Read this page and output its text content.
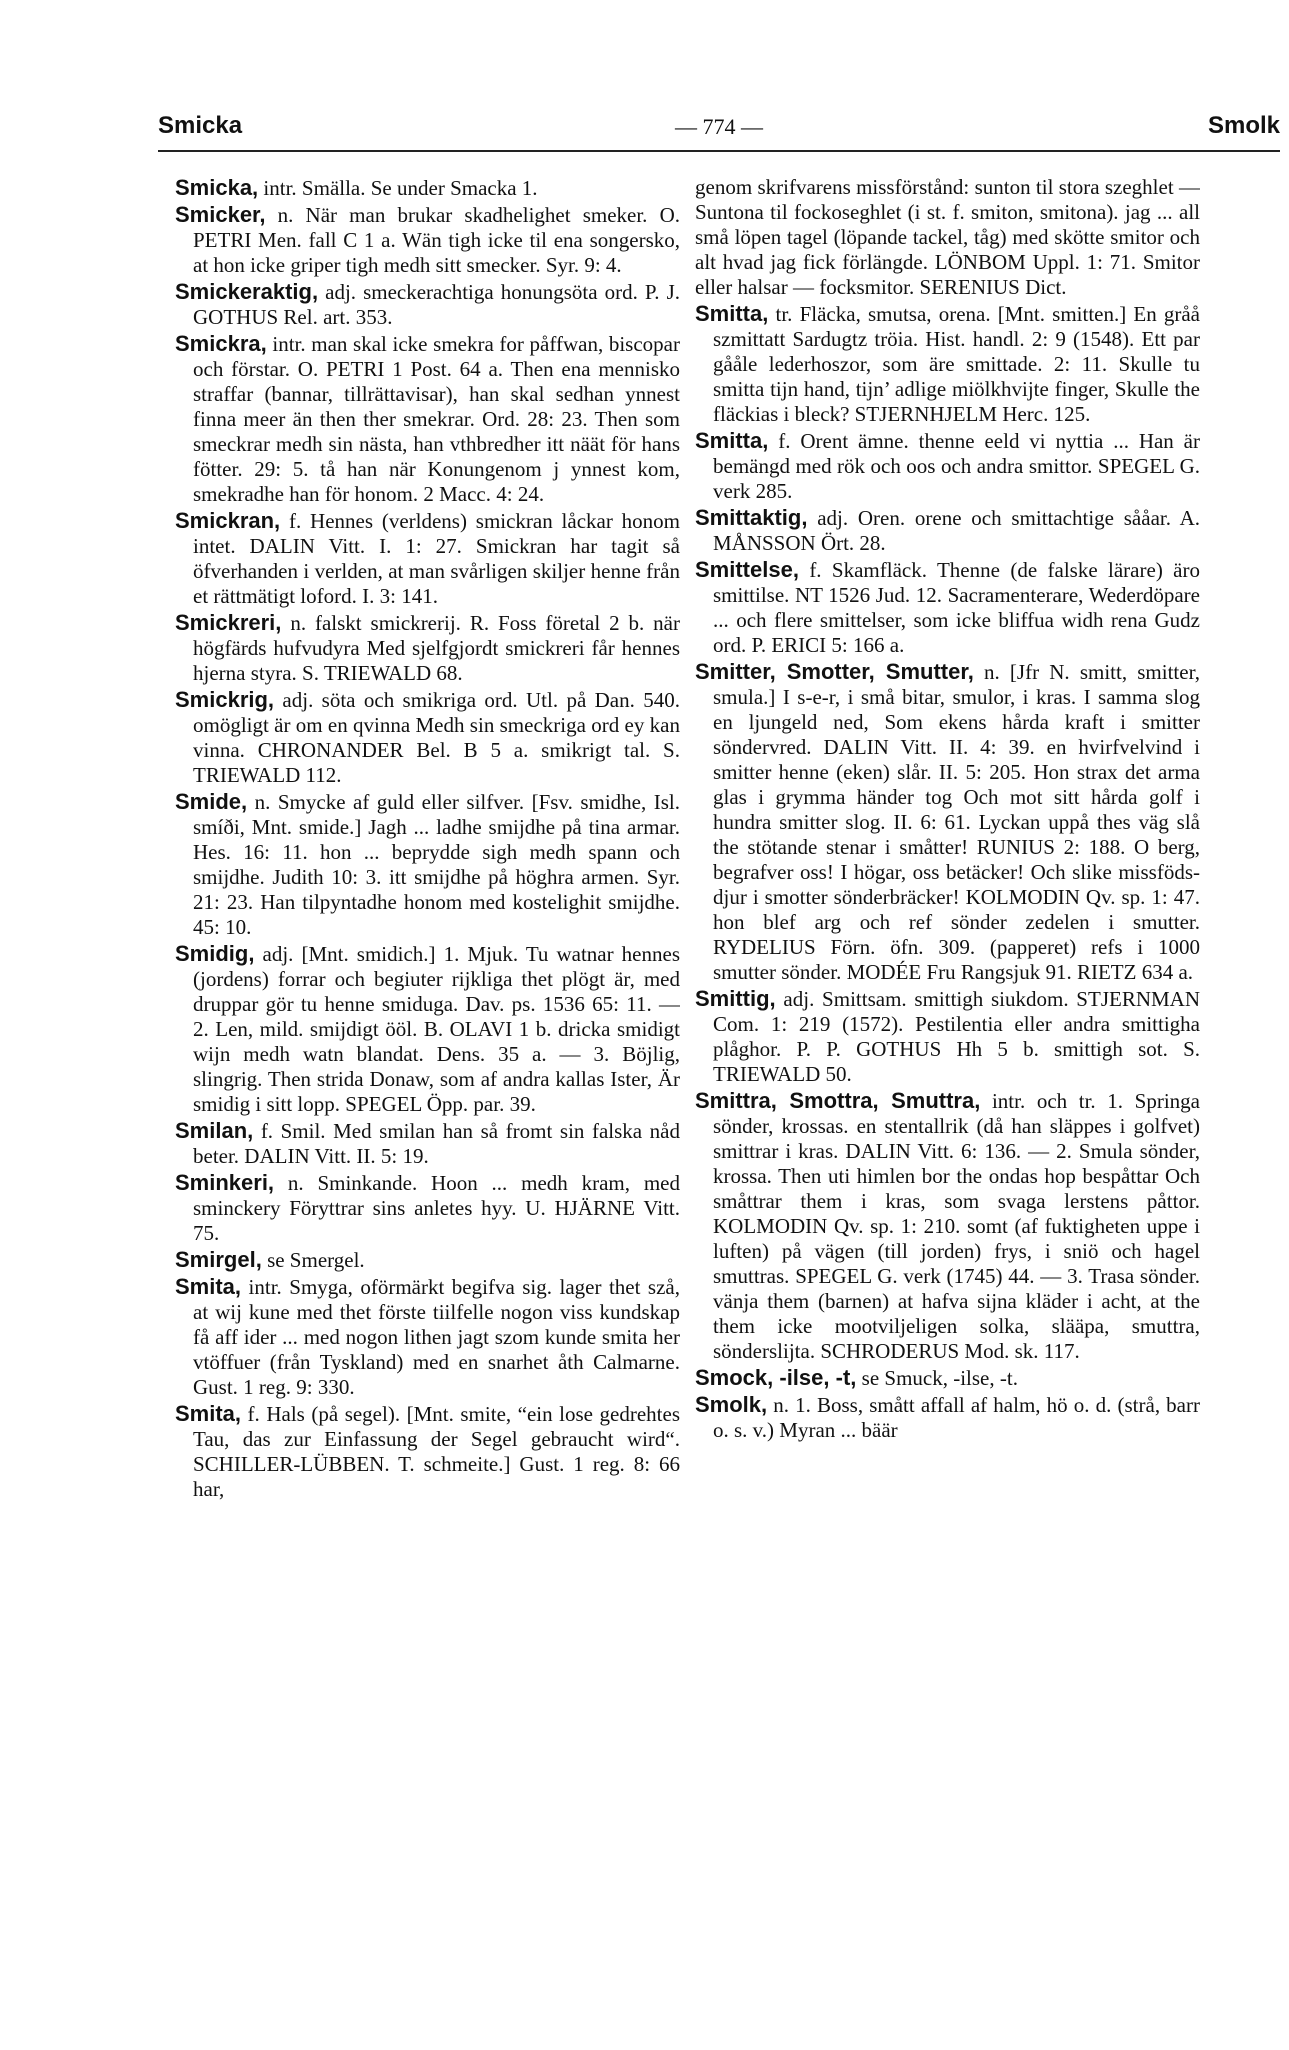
Smicka	— 774 —	Smolk

Smicka, intr. Smälla. Se under Smacka 1.

Smicker, n. När man brukar skadhelighet smeker. O. PETRI Men. fall C 1 a. Wän tigh icke til ena songersko, at hon icke griper tigh medh sitt smecker. Syr. 9: 4.

Smickeraktig, adj. smeckerachtiga honungsöta ord. P. J. GOTHUS Rel. art. 353.

Smickra, intr. man skal icke smekra for påffwan, biscopar och förstar. O. PETRI 1 Post. 64 a. Then ena mennisko straffar (bannar, tillrättavisar), han skal sedhan ynnest finna meer än then ther smekrar. Ord. 28: 23. Then som smeckrar medh sin nästa, han vthbredher itt näät för hans fötter. 29: 5. tå han när Konungenom j ynnest kom, smekradhe han för honom. 2 Macc. 4: 24.

Smickran, f. Hennes (verldens) smickran låckar honom intet. DALIN Vitt. I. 1: 27. Smickran har tagit så öfverhanden i verlden, at man svårligen skiljer henne från et rättmätigt loford. I. 3: 141.

Smickreri, n. falskt smickrerij. R. Foss företal 2 b. när högfärds hufvudyra Med sjelfgjordt smickreri får hennes hjerna styra. S. TRIEWALD 68.

Smickrig, adj. söta och smikriga ord. Utl. på Dan. 540. omögligt är om en qvinna Medh sin smeckriga ord ey kan vinna. CHRONANDER Bel. B 5 a. smikrigt tal. S. TRIEWALD 112.

Smide, n. Smycke af guld eller silfver. [Fsv. smidhe, Isl. smíði, Mnt. smide.] Jagh ... ladhe smijdhe på tina armar. Hes. 16: 11. hon ... beprydde sigh medh spann och smijdhe. Judith 10: 3. itt smijdhe på höghra armen. Syr. 21: 23. Han tilpyntadhe honom med kostelighit smijdhe. 45: 10.

Smidig, adj. [Mnt. smidich.] 1. Mjuk. Tu watnar hennes (jordens) forrar och begiuter rijkliga thet plögt är, med druppar gör tu henne smiduga. Dav. ps. 1536 65: 11. — 2. Len, mild. smijdigt ööl. B. OLAVI 1 b. dricka smidigt wijn medh watn blandat. Dens. 35 a. — 3. Böjlig, slingrig. Then strida Donaw, som af andra kallas Ister, Är smidig i sitt lopp. SPEGEL Öpp. par. 39.

Smilan, f. Smil. Med smilan han så fromt sin falska nåd beter. DALIN Vitt. II. 5: 19.

Sminkeri, n. Sminkande. Hoon ... medh kram, med sminckery Föryttrar sins anletes hyy. U. HJÄRNE Vitt. 75.

Smirgel, se Smergel.

Smita, intr. Smyga, oförmärkt begifva sig. lager thet szå, at wij kune med thet förste tiilfelle nogon viss kundskap få aff ider ... med nogon lithen jagt szom kunde smita her vtöffuer (från Tyskland) med en snarhet åth Calmarne. Gust. 1 reg. 9: 330.

Smita, f. Hals (på segel). [Mnt. smite, “ein lose gedrehtes Tau, das zur Einfassung der Segel gebraucht wird“. SCHILLER-LÜBBEN. T. schmeite.] Gust. 1 reg. 8: 66 har,

genom skrifvarens missförstånd: sunton til stora szeghlet — Suntona til fockoseghlet (i st. f. smiton, smitona). jag ... all små löpen tagel (löpande tackel, tåg) med skötte smitor och alt hvad jag fick förlängde. LÖNBOM Uppl. 1: 71. Smitor eller halsar — focksmitor. SERENIUS Dict.

Smitta, tr. Fläcka, smutsa, orena. [Mnt. smitten.] En gråå szmittatt Sardugtz tröia. Hist. handl. 2: 9 (1548). Ett par gååle lederhoszor, som äre smittade. 2: 11. Skulle tu smitta tijn hand, tijn’ adlige miölkhvijte finger, Skulle the fläckias i bleck? STJERNHJELM Herc. 125.

Smitta, f. Orent ämne. thenne eeld vi nyttia ... Han är bemängd med rök och oos och andra smittor. SPEGEL G. verk 285.

Smittaktig, adj. Oren. orene och smittachtige sååar. A. MÅNSSON Ört. 28.

Smittelse, f. Skamfläck. Thenne (de falske lärare) äro smittilse. NT 1526 Jud. 12. Sacramenterare, Wederdöpare ... och flere smittelser, som icke bliffua widh rena Gudz ord. P. ERICI 5: 166 a.

Smitter, Smotter, Smutter, n. [Jfr N. smitt, smitter, smula.] I s-e-r, i små bitar, smulor, i kras. I samma slog en ljungeld ned, Som ekens hårda kraft i smitter söndervred. DALIN Vitt. II. 4: 39. en hvirfvelvind i smitter henne (eken) slår. II. 5: 205. Hon strax det arma glas i grymma händer tog Och mot sitt hårda golf i hundra smitter slog. II. 6: 61. Lyckan uppå thes väg slå the stötande stenar i småtter! RUNIUS 2: 188. O berg, begrafver oss! I högar, oss betäcker! Och slike missföds-djur i smotter sönderbräcker! KOLMODIN Qv. sp. 1: 47. hon blef arg och ref sönder zedelen i smutter. RYDELIUS Förn. öfn. 309. (papperet) refs i 1000 smutter sönder. MODÉE Fru Rangsjuk 91. RIETZ 634 a.

Smittig, adj. Smittsam. smittigh siukdom. STJERNMAN Com. 1: 219 (1572). Pestilentia eller andra smittigha plåghor. P. P. GOTHUS Hh 5 b. smittigh sot. S. TRIEWALD 50.

Smittra, Smottra, Smuttra, intr. och tr. 1. Springa sönder, krossas. en stentallrik (då han släppes i golfvet) smittrar i kras. DALIN Vitt. 6: 136. — 2. Smula sönder, krossa. Then uti himlen bor the ondas hop bespåttar Och småttrar them i kras, som svaga lerstens påttor. KOLMODIN Qv. sp. 1: 210. somt (af fuktigheten uppe i luften) på vägen (till jorden) frys, i sniö och hagel smuttras. SPEGEL G. verk (1745) 44. — 3. Trasa sönder. vänja them (barnen) at hafva sijna kläder i acht, at the them icke mootviljeligen solka, slääpa, smuttra, sönderslijta. SCHRODERUS Mod. sk. 117.

Smock, -ilse, -t, se Smuck, -ilse, -t.

Smolk, n. 1. Boss, smått affall af halm, hö o. d. (strå, barr o. s. v.) Myran ... bäär
